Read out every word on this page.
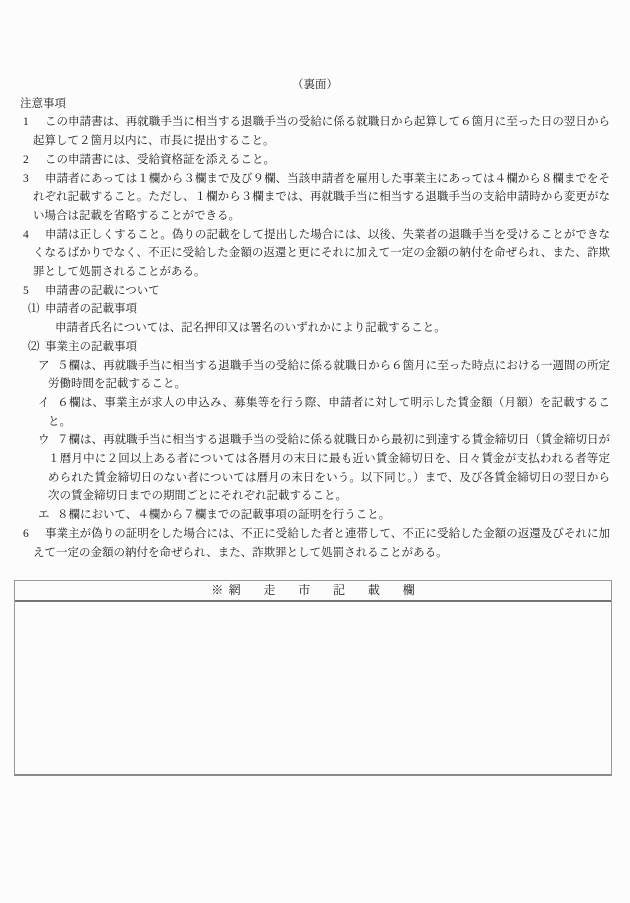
（裏面）
注意事項
1 この申請書は、再就職手当に相当する退職手当の受給に係る就職日から起算して６箇月に至った日の翌日から起算して２箇月以内に、市長に提出すること。
2 この申請書には、受給資格証を添えること。
3 申請者にあっては１欄から３欄まで及び９欄、当該申請者を雇用した事業主にあっては４欄から８欄までをそれぞれ記載すること。ただし、１欄から３欄までは、再就職手当に相当する退職手当の支給申請時から変更がない場合は記載を省略することができる。
4 申請は正しくすること。偽りの記載をして提出した場合には、以後、失業者の退職手当を受けることができなくなるばかりでなく、不正に受給した金額の返還と更にそれに加えて一定の金額の納付を命ぜられ、また、詐欺罪として処罰されることがある。
5 申請書の記載について
⑴ 申請者の記載事項
申請者氏名については、記名押印又は署名のいずれかにより記載すること。
⑵ 事業主の記載事項
ア ５欄は、再就職手当に相当する退職手当の受給に係る就職日から６箇月に至った時点における一週間の所定労働時間を記載すること。
イ ６欄は、事業主が求人の申込み、募集等を行う際、申請者に対して明示した賃金額（月額）を記載すること。
ウ ７欄は、再就職手当に相当する退職手当の受給に係る就職日から最初に到達する賃金締切日（賃金締切日が１暦月中に２回以上ある者については各暦月の末日に最も近い賃金締切日を、日々賃金が支払われる者等定められた賃金締切日のない者については暦月の末日をいう。以下同じ。）まで、及び各賃金締切日の翌日から次の賃金締切日までの期間ごとにそれぞれ記載すること。
エ ８欄において、４欄から７欄までの記載事項の証明を行うこと。
6 事業主が偽りの証明をした場合には、不正に受給した者と連帯して、不正に受給した金額の返還及びそれに加えて一定の金額の納付を命ぜられ、また、詐欺罪として処罰されることがある。
※網　走　市　記　載　欄
